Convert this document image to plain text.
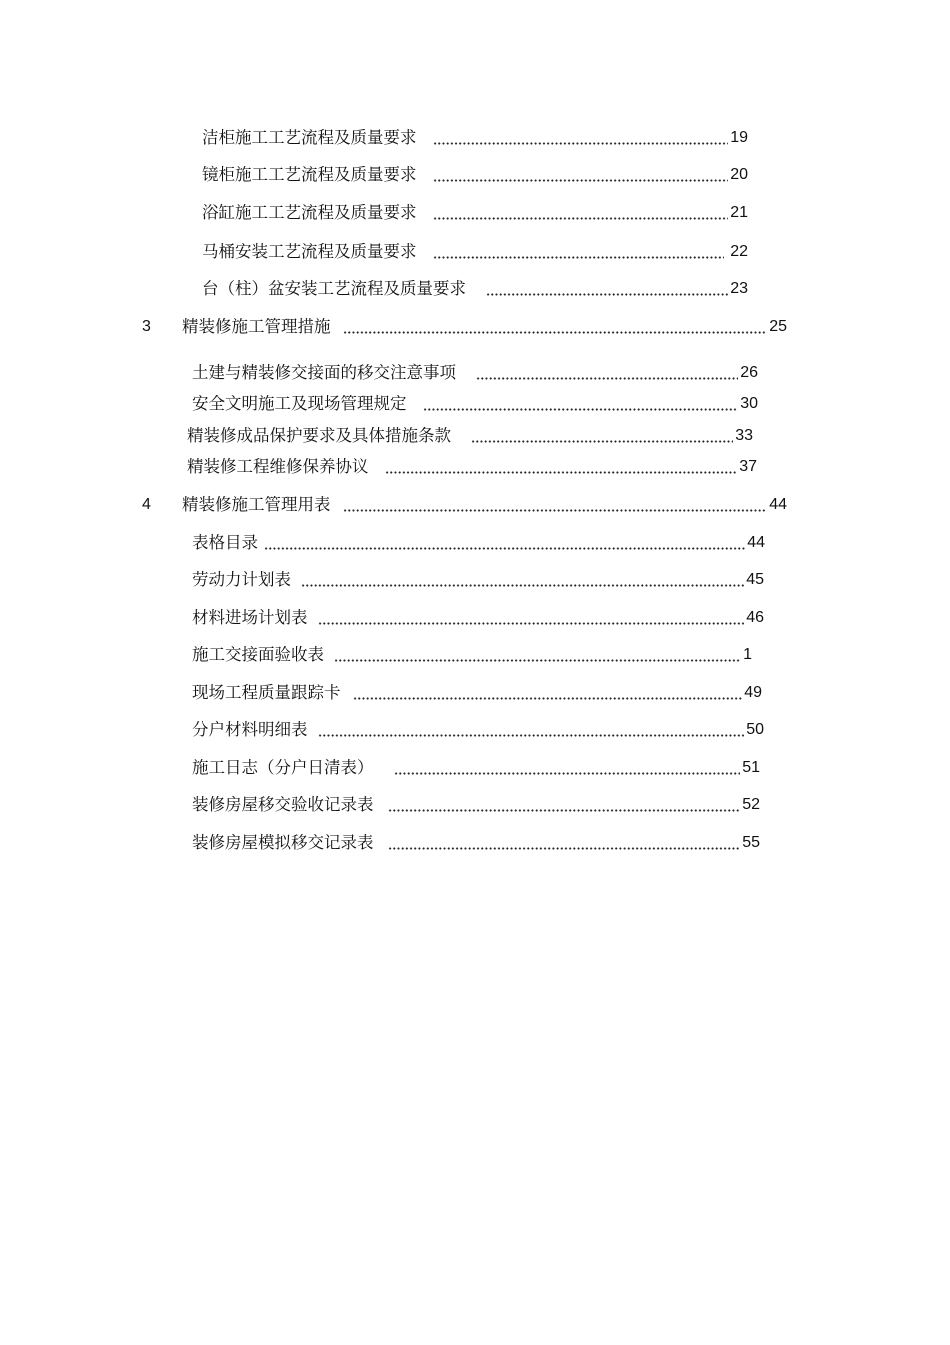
洁柜施工工艺流程及质量要求	19
镜柜施工工艺流程及质量要求	20
浴缸施工工艺流程及质量要求	21
马桶安装工艺流程及质量要求	22
台（柱）盆安装工艺流程及质量要求	23
3 精装修施工管理措施	25
土建与精装修交接面的移交注意事项	26
安全文明施工及现场管理规定	30
精装修成品保护要求及具体措施条款	33
精装修工程维修保养协议	37
4 精装修施工管理用表	44
表格目录	44
劳动力计划表	45
材料进场计划表	46
施工交接面验收表	1
现场工程质量跟踪卡	49
分户材料明细表	50
施工日志（分户日清表）	51
装修房屋移交验收记录表	52
装修房屋模拟移交记录表	55
